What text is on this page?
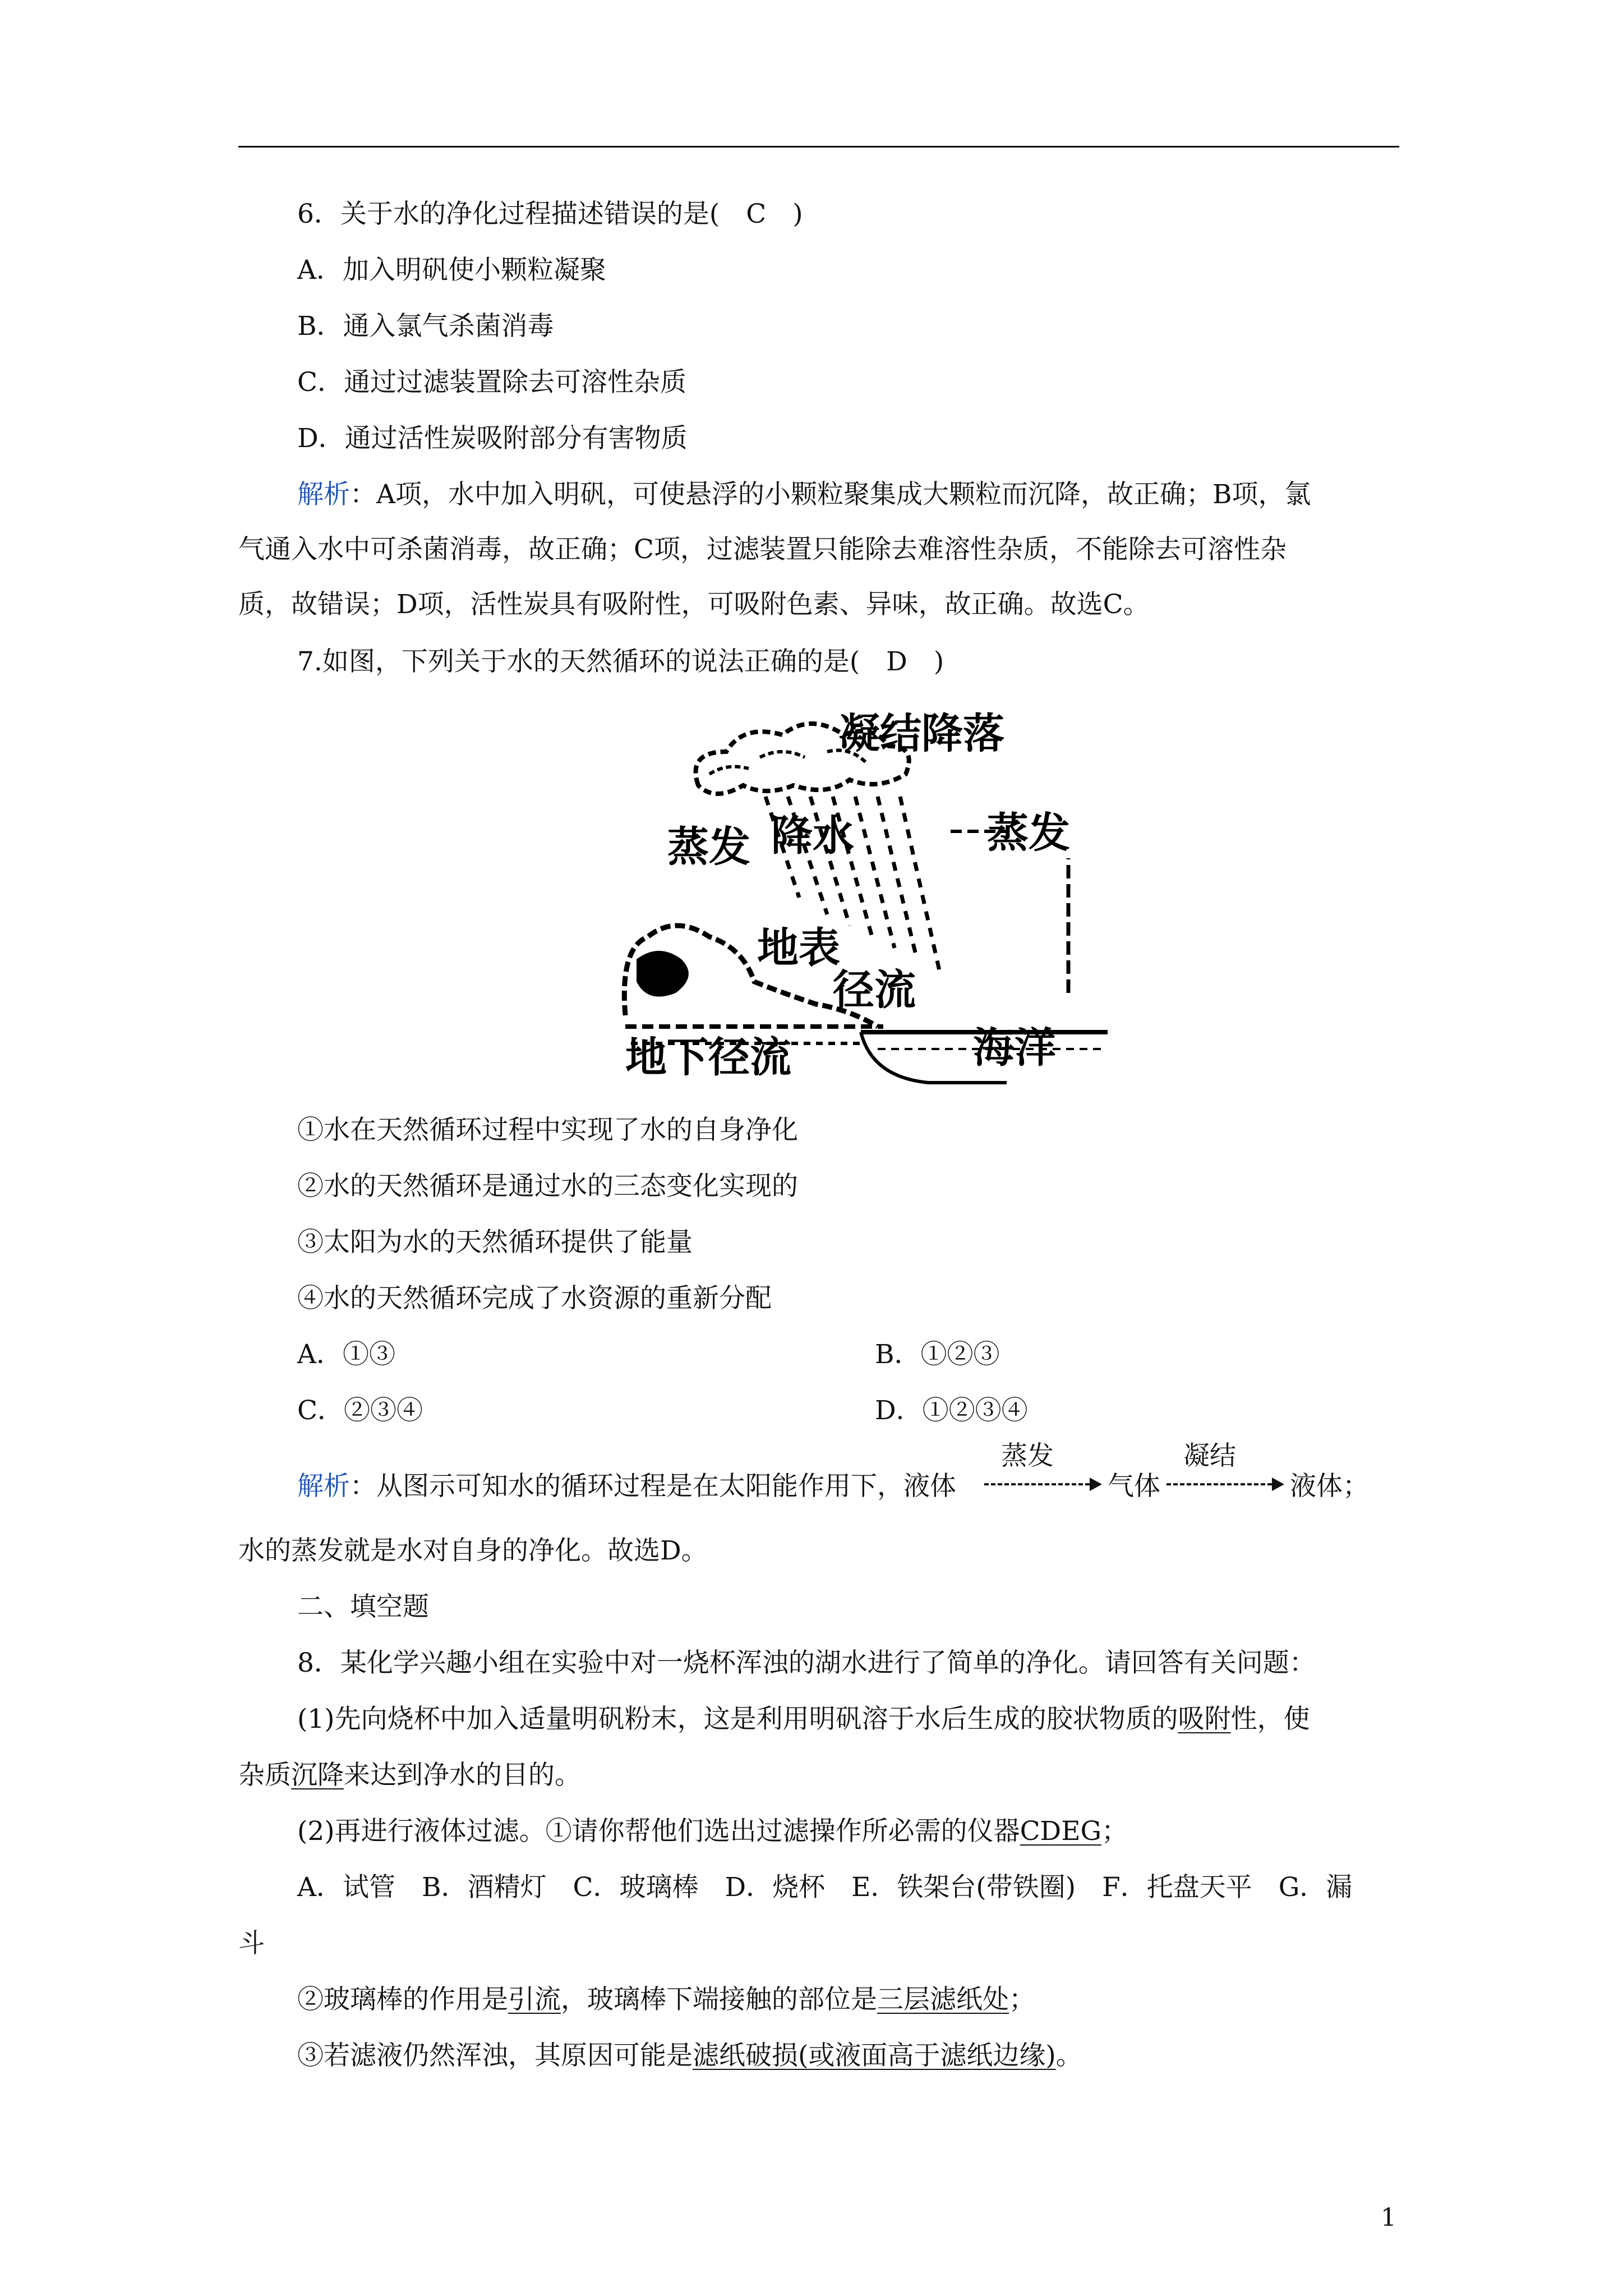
6．关于水的净化过程描述错误的是(　C　)
A．加入明矾使小颗粒凝聚
B．通入氯气杀菌消毒
C．通过过滤装置除去可溶性杂质
D．通过活性炭吸附部分有害物质
解析：A项，水中加入明矾，可使悬浮的小颗粒聚集成大颗粒而沉降，故正确；B项，氯
气通入水中可杀菌消毒，故正确；C项，过滤装置只能除去难溶性杂质，不能除去可溶性杂
质，故错误；D项，活性炭具有吸附性，可吸附色素、异味，故正确。故选C。
7.如图，下列关于水的天然循环的说法正确的是(　D　)
凝结降落
蒸发 降水	蒸发
地表
径流
地下径流	海洋
①水在天然循环过程中实现了水的自身净化
②水的天然循环是通过水的三态变化实现的
③太阳为水的天然循环提供了能量
④水的天然循环完成了水资源的重新分配
A．①③	B．①②③
C．②③④	D．①②③④
解析：从图示可知水的循环过程是在太阳能作用下，液体
蒸发
气体
凝结
液体；
水的蒸发就是水对自身的净化。故选D。
二、填空题
8．某化学兴趣小组在实验中对一烧杯浑浊的湖水进行了简单的净化。请回答有关问题：
(1)先向烧杯中加入适量明矾粉末，这是利用明矾溶于水后生成的胶状物质的吸附性，使
杂质沉降来达到净水的目的。
(2)再进行液体过滤。①请你帮他们选出过滤操作所必需的仪器CDEG；
A．试管　B．酒精灯　C．玻璃棒　D．烧杯　E．铁架台(带铁圈)　F．托盘天平　G．漏
斗
②玻璃棒的作用是引流，玻璃棒下端接触的部位是三层滤纸处；
③若滤液仍然浑浊，其原因可能是滤纸破损(或液面高于滤纸边缘)。
1
